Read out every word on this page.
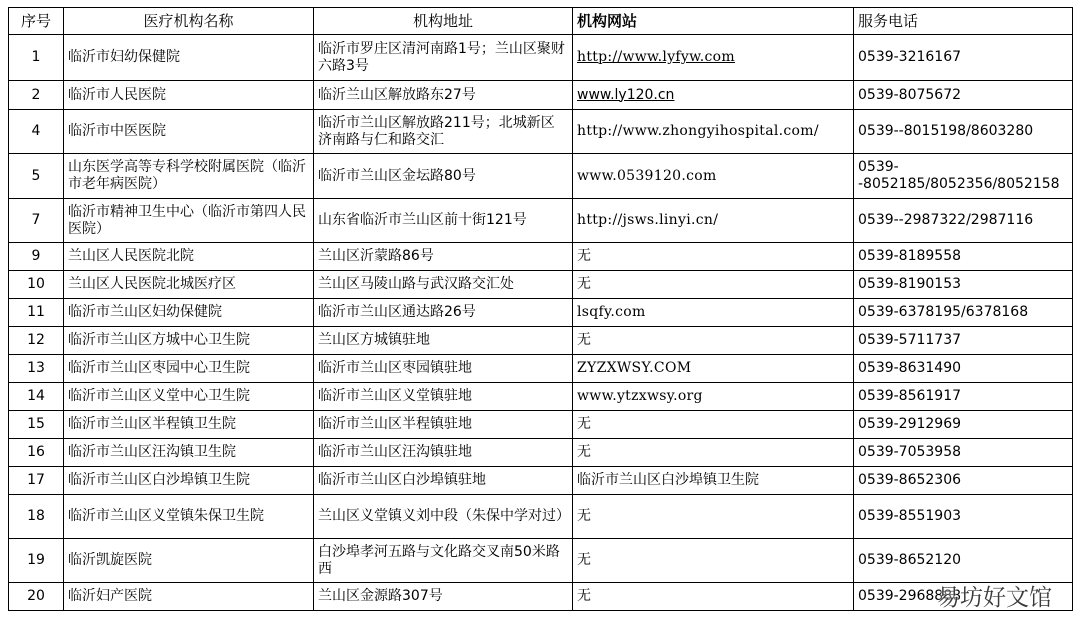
序号	医疗机构名称	机构地址	机构网站	服务电话
1	临沂市妇幼保健院	临沂市罗庄区清河南路1号；兰山区聚财六路3号	http://www.lyfyw.com	0539-3216167
2	临沂市人民医院	临沂兰山区解放路东27号	www.ly120.cn	0539-8075672
4	临沂市中医医院	临沂市兰山区解放路211号；北城新区济南路与仁和路交汇	http://www.zhongyihospital.com/	0539--8015198/8603280
5	山东医学高等专科学校附属医院（临沂市老年病医院）	临沂市兰山区金坛路80号	www.0539120.com	0539--8052185/8052356/8052158
7	临沂市精神卫生中心（临沂市第四人民医院）	山东省临沂市兰山区前十街121号	http://jsws.linyi.cn/	0539--2987322/2987116
9	兰山区人民医院北院	兰山区沂蒙路86号	无	0539-8189558
10	兰山区人民医院北城医疗区	兰山区马陵山路与武汉路交汇处	无	0539-8190153
11	临沂市兰山区妇幼保健院	临沂市兰山区通达路26号	lsqfy.com	0539-6378195/6378168
12	临沂市兰山区方城中心卫生院	兰山区方城镇驻地	无	0539-5711737
13	临沂市兰山区枣园中心卫生院	临沂市兰山区枣园镇驻地	ZYZXWSY.COM	0539-8631490
14	临沂市兰山区义堂中心卫生院	临沂市兰山区义堂镇驻地	www.ytzxwsy.org	0539-8561917
15	临沂市兰山区半程镇卫生院	临沂市兰山区半程镇驻地	无	0539-2912969
16	临沂市兰山区汪沟镇卫生院	临沂市兰山区汪沟镇驻地	无	0539-7053958
17	临沂市兰山区白沙埠镇卫生院	临沂市兰山区白沙埠镇驻地	临沂市兰山区白沙埠镇卫生院	0539-8652306
18	临沂市兰山区义堂镇朱保卫生院	兰山区义堂镇义刘中段（朱保中学对过）	无	0539-8551903
19	临沂凯旋医院	白沙埠孝河五路与文化路交叉南50米路西	无	0539-8652120
20	临沂妇产医院	兰山区金源路307号	无	0539-2968888
易坊好文馆
